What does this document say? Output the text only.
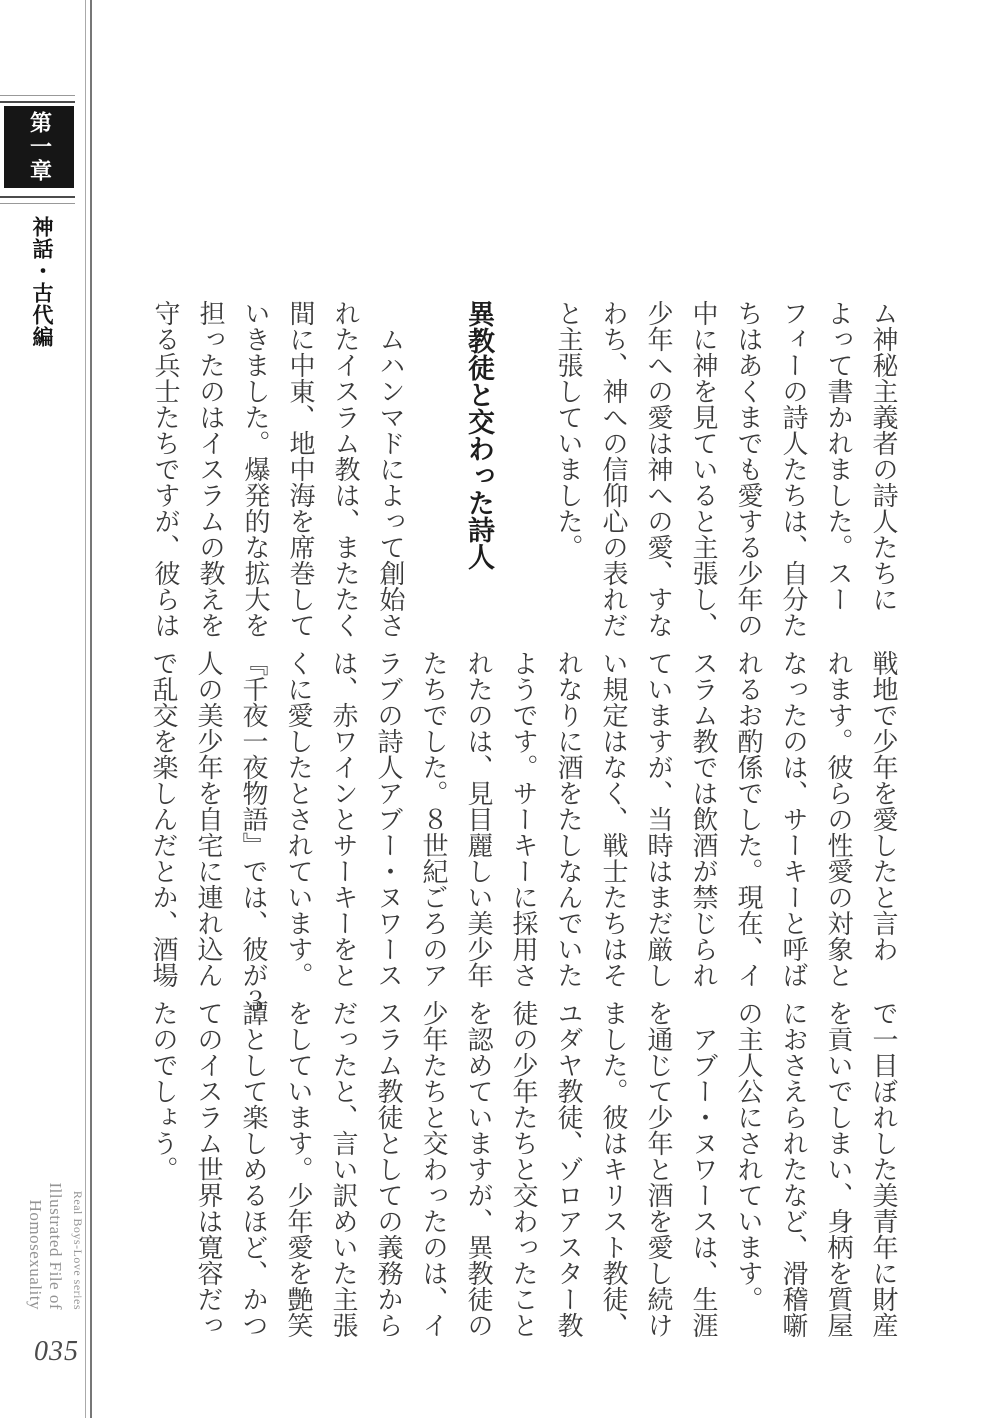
第一章
神話・古代編

ム神秘主義者の詩人たちに

よって書かれました。スー

フィーの詩人たちは、自分た

ちはあくまでも愛する少年の

中に神を見ていると主張し、

少年への愛は神への愛、すな

わち、神への信仰心の表れだ

と主張していました。

異教徒と交わった詩人

　ムハンマドによって創始さ

れたイスラム教は、またたく

間に中東、地中海を席巻して

いきました。爆発的な拡大を

担ったのはイスラムの教えを

守る兵士たちですが、彼らは

戦地で少年を愛したと言わ

れます。彼らの性愛の対象と

なったのは、サーキーと呼ば

れるお酌係でした。現在、イ

スラム教では飲酒が禁じられ

ていますが、当時はまだ厳し

い規定はなく、戦士たちはそ

れなりに酒をたしなんでいた

ようです。サーキーに採用さ

れたのは、見目麗しい美少年

たちでした。８世紀ごろのア

ラブの詩人アブー・ヌワース

は、赤ワインとサーキーをと

くに愛したとされています。

『千夜一夜物語』では、彼が３

人の美少年を自宅に連れ込ん

で乱交を楽しんだとか、酒場

で一目ぼれした美青年に財産

を貢いでしまい、身柄を質屋

におさえられたなど、滑稽噺

の主人公にされています。

　アブー・ヌワースは、生涯

を通じて少年と酒を愛し続け

ました。彼はキリスト教徒、

ユダヤ教徒、ゾロアスター教

徒の少年たちと交わったこと

を認めていますが、異教徒の

少年たちと交わったのは、イ

スラム教徒としての義務から

だったと、言い訳めいた主張

をしています。少年愛を艶笑

譚として楽しめるほど、かつ

てのイスラム世界は寛容だっ

たのでしょう。

Real Boys-Love series
Illustrated File of Homosexuality
035
